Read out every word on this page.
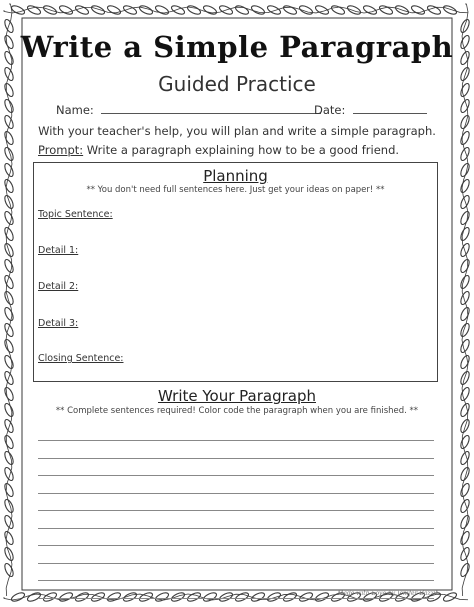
Write a Simple Paragraph
Guided Practice
Name:	Date:
With your teacher's help, you will plan and write a simple paragraph.
Prompt: Write a paragraph explaining how to be a good friend.
Planning
** You don't need full sentences here. Just get your ideas on paper! **
Topic Sentence:
Detail 1:
Detail 2:
Detail 3:
Closing Sentence:
Write Your Paragraph
** Complete sentences required! Color code the paragraph when you are finished. **
Made with Love by Jenifer Bazzit
